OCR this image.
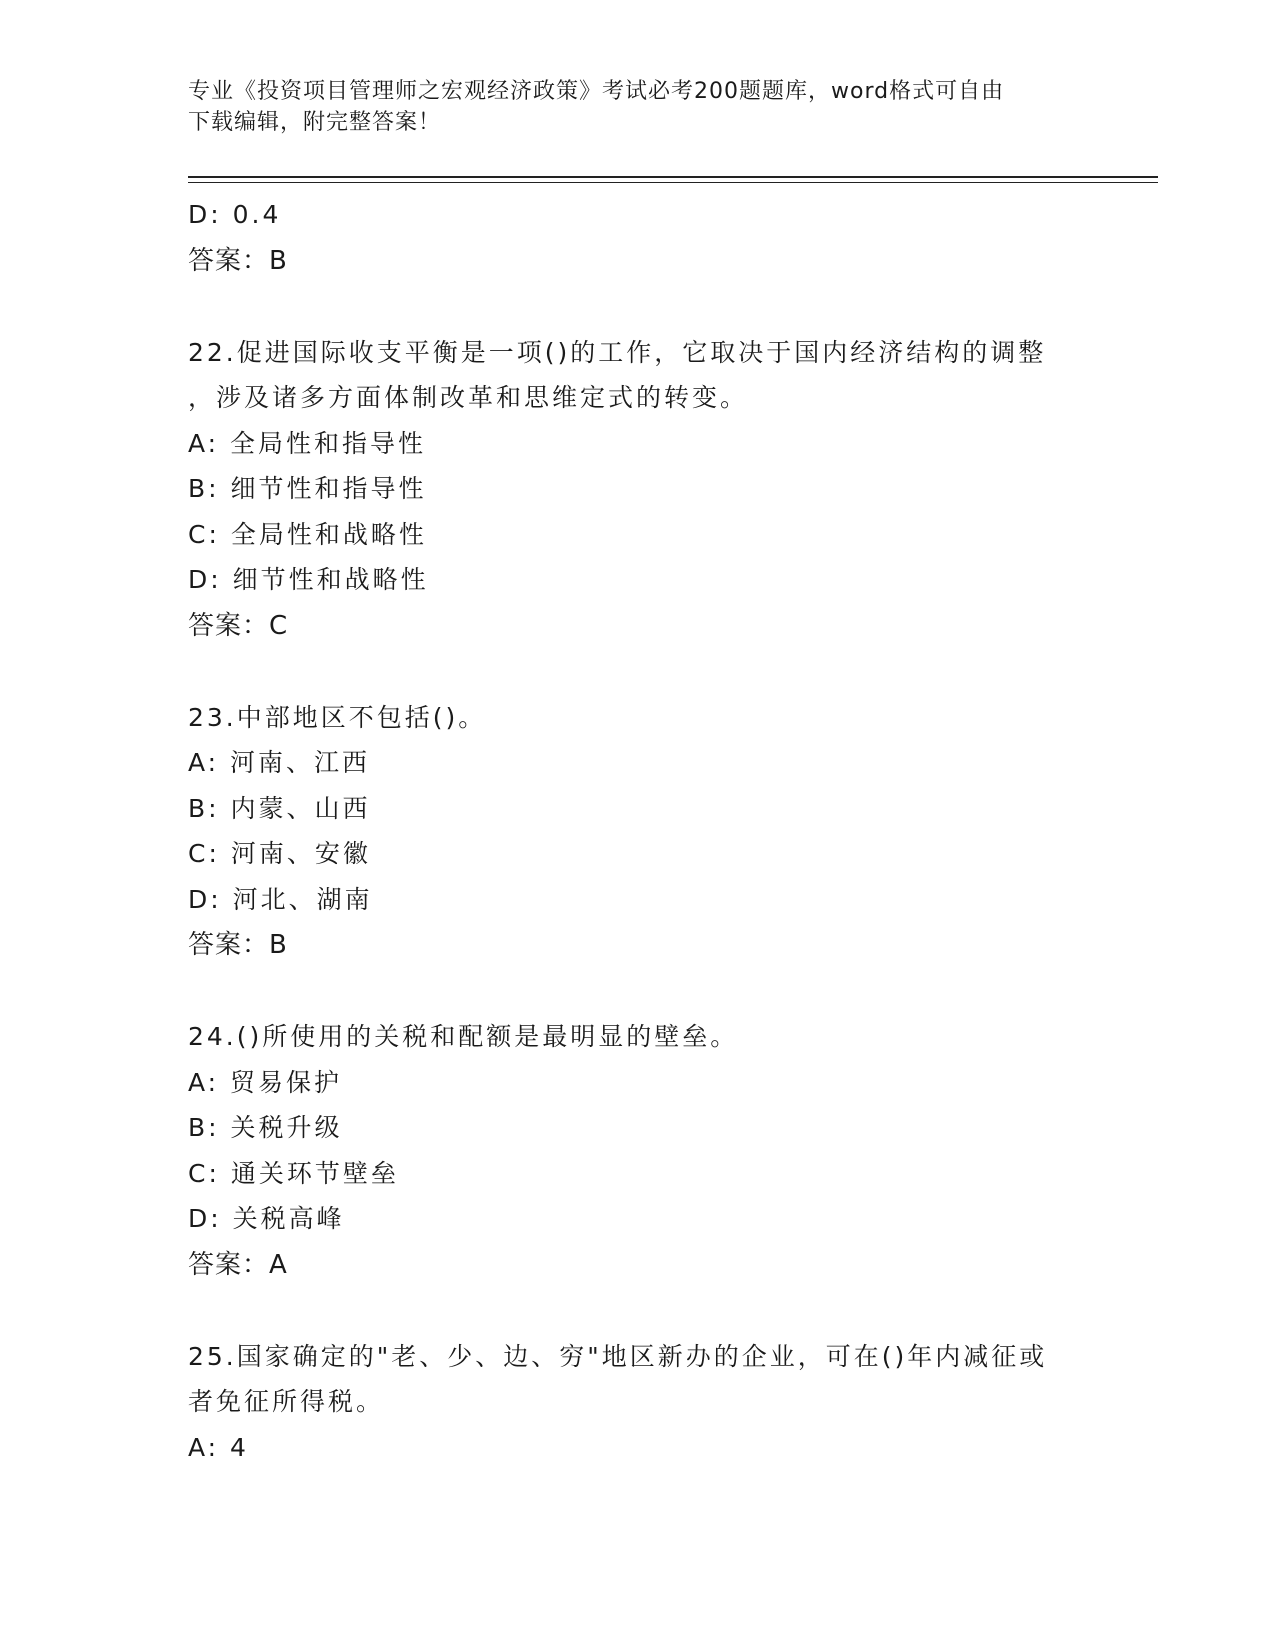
专业《投资项目管理师之宏观经济政策》考试必考200题题库，word格式可自由
下载编辑，附完整答案！
D: 0.4
答案：B
22.促进国际收支平衡是一项()的工作，它取决于国内经济结构的调整
，涉及诸多方面体制改革和思维定式的转变。
A: 全局性和指导性
B: 细节性和指导性
C: 全局性和战略性
D: 细节性和战略性
答案：C
23.中部地区不包括()。
A: 河南、江西
B: 内蒙、山西
C: 河南、安徽
D: 河北、湖南
答案：B
24.()所使用的关税和配额是最明显的壁垒。
A: 贸易保护
B: 关税升级
C: 通关环节壁垒
D: 关税高峰
答案：A
25.国家确定的"老、少、边、穷"地区新办的企业，可在()年内减征或
者免征所得税。
A: 4
